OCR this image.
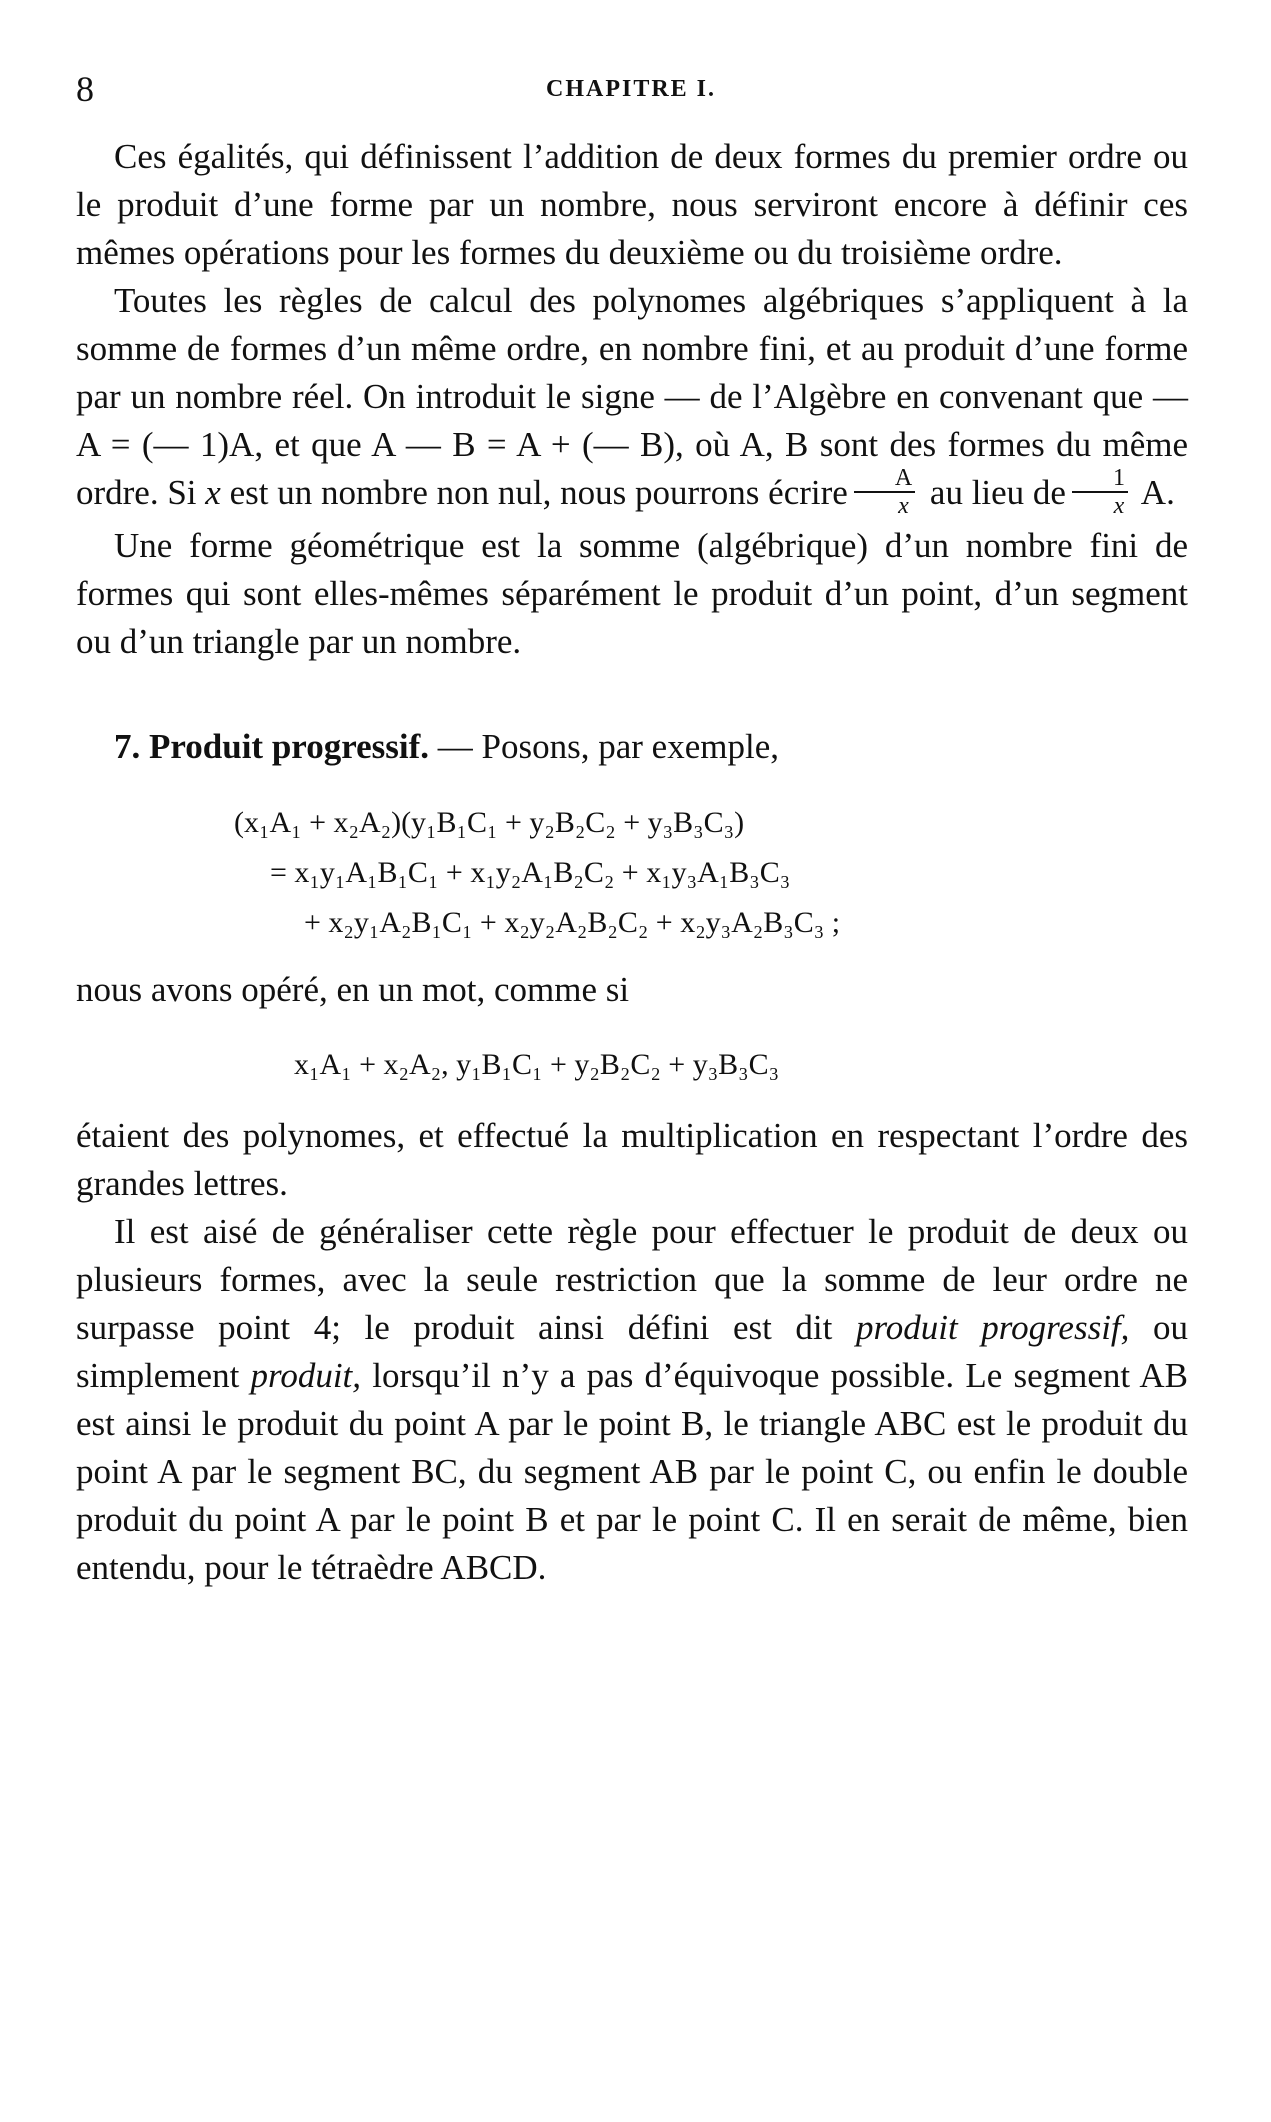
8	CHAPITRE I.

Ces égalités, qui définissent l’addition de deux formes du premier ordre ou le produit d’une forme par un nombre, nous serviront encore à définir ces mêmes opérations pour les formes du deuxième ou du troisième ordre.

Toutes les règles de calcul des polynomes algébriques s’appliquent à la somme de formes d’un même ordre, en nombre fini, et au produit d’une forme par un nombre réel. On introduit le signe — de l’Algèbre en convenant que — A = (— 1)A, et que A — B = A + (— B), où A, B sont des formes du même ordre. Si x est un nombre non nul, nous pourrons écrire $\frac{A}{x}$ au lieu de $\frac{1}{x} A$.

Une forme géométrique est la somme (algébrique) d’un nombre fini de formes qui sont elles-mêmes séparément le produit d’un point, d’un segment ou d’un triangle par un nombre.

7. Produit progressif. — Posons, par exemple,
(x₁A₁ + x₂A₂)(y₁B₁C₁ + y₂B₂C₂ + y₃B₃C₃)
= x₁y₁A₁B₁C₁ + x₁y₂A₁B₂C₂ + x₁y₃A₁B₃C₃
+ x₂y₁A₂B₁C₁ + x₂y₂A₂B₂C₂ + x₂y₃A₂B₃C₃ ;

nous avons opéré, en un mot, comme si

x₁A₁ + x₂A₂, y₁B₁C₁ + y₂B₂C₂ + y₃B₃C₃

étaient des polynomes, et effectué la multiplication en respectant l’ordre des grandes lettres.

Il est aisé de généraliser cette règle pour effectuer le produit de deux ou plusieurs formes, avec la seule restriction que la somme de leur ordre ne surpasse point 4; le produit ainsi défini est dit produit progressif, ou simplement produit, lorsqu’il n’y a pas d’équivoque possible. Le segment AB est ainsi le produit du point A par le point B, le triangle ABC est le produit du point A par le segment BC, du segment AB par le point C, ou enfin le double produit du point A par le point B et par le point C. Il en serait de même, bien entendu, pour le tétraèdre ABCD.
